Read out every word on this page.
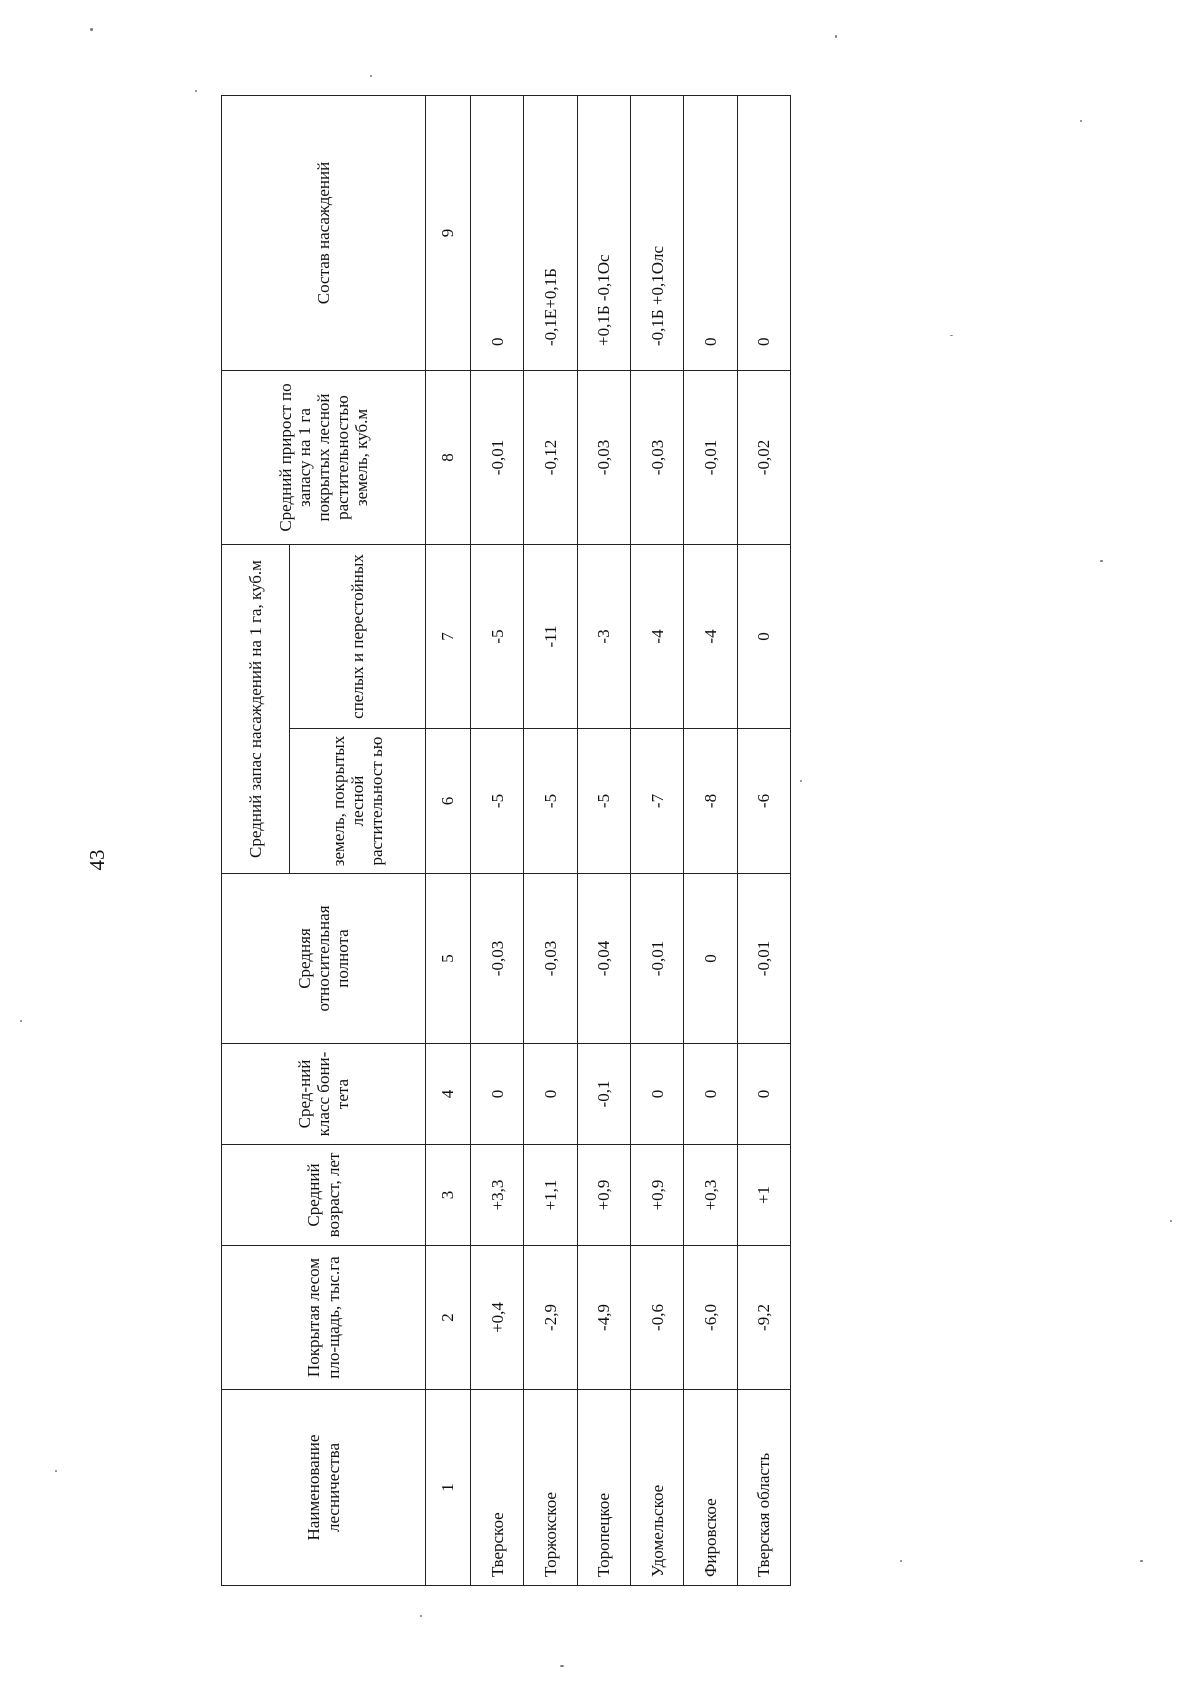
43
Наименование лесничества	Покрытая лесом пло-щадь, тыс.га	Средний возраст, лет	Сред-ний класс бони-тета	Средняя относительная полнота	Средний запас насаждений на 1 га, куб.м		Средний прирост по запасу на 1 га покрытых лесной растительностью земель, куб.м	Состав насаждений
					земель, покрытых лесной растительност ью	спелых и перестойных		
1	2	3	4	5	6	7	8	9
Тверское	+0,4	+3,3	0	-0,03	-5	-5	-0,01	0
Торжокское	-2,9	+1,1	0	-0,03	-5	-11	-0,12	-0,1Е+0,1Б
Торопецкое	-4,9	+0,9	-0,1	-0,04	-5	-3	-0,03	+0,1Б -0,1Ос
Удомельское	-0,6	+0,9	0	-0,01	-7	-4	-0,03	-0,1Б +0,1Олс
Фировское	-6,0	+0,3	0	0	-8	-4	-0,01	0
Тверская область	-9,2	+1	0	-0,01	-6	0	-0,02	0
